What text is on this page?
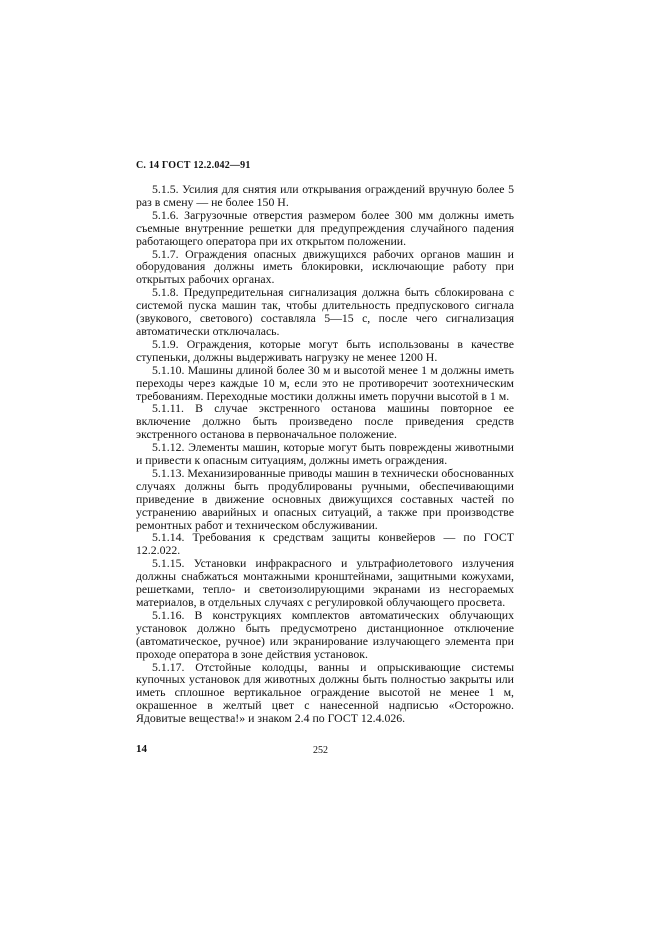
С. 14 ГОСТ 12.2.042—91

5.1.5. Усилия для снятия или открывания ограждений вручную более 5 раз в смену — не более 150 Н.

5.1.6. Загрузочные отверстия размером более 300 мм должны иметь съемные внутренние решетки для предупреждения случайного падения работающего оператора при их открытом положении.

5.1.7. Ограждения опасных движущихся рабочих органов машин и оборудования должны иметь блокировки, исключающие работу при открытых рабочих органах.

5.1.8. Предупредительная сигнализация должна быть сблокирована с системой пуска машин так, чтобы длительность предпускового сигнала (звукового, светового) составляла 5—15 с, после чего сигнализация автоматически отключалась.

5.1.9. Ограждения, которые могут быть использованы в качестве ступеньки, должны выдерживать нагрузку не менее 1200 Н.

5.1.10. Машины длиной более 30 м и высотой менее 1 м должны иметь переходы через каждые 10 м, если это не противоречит зоотехническим требованиям. Переходные мостики должны иметь поручни высотой в 1 м.

5.1.11. В случае экстренного останова машины повторное ее включение должно быть произведено после приведения средств экстренного останова в первоначальное положение.

5.1.12. Элементы машин, которые могут быть повреждены животными и привести к опасным ситуациям, должны иметь ограждения.

5.1.13. Механизированные приводы машин в технически обоснованных случаях должны быть продублированы ручными, обеспечивающими приведение в движение основных движущихся составных частей по устранению аварийных и опасных ситуаций, а также при производстве ремонтных работ и техническом обслуживании.

5.1.14. Требования к средствам защиты конвейеров — по ГОСТ 12.2.022.

5.1.15. Установки инфракрасного и ультрафиолетового излучения должны снабжаться монтажными кронштейнами, защитными кожухами, решетками, тепло- и светоизолирующими экранами из несгораемых материалов, в отдельных случаях с регулировкой облучающего просвета.

5.1.16. В конструкциях комплектов автоматических облучающих установок должно быть предусмотрено дистанционное отключение (автоматическое, ручное) или экранирование излучающего элемента при проходе оператора в зоне действия установок.

5.1.17. Отстойные колодцы, ванны и опрыскивающие системы купочных установок для животных должны быть полностью закрыты или иметь сплошное вертикальное ограждение высотой не менее 1 м, окрашенное в желтый цвет с нанесенной надписью «Осторожно. Ядовитые вещества!» и знаком 2.4 по ГОСТ 12.4.026.

14	252
